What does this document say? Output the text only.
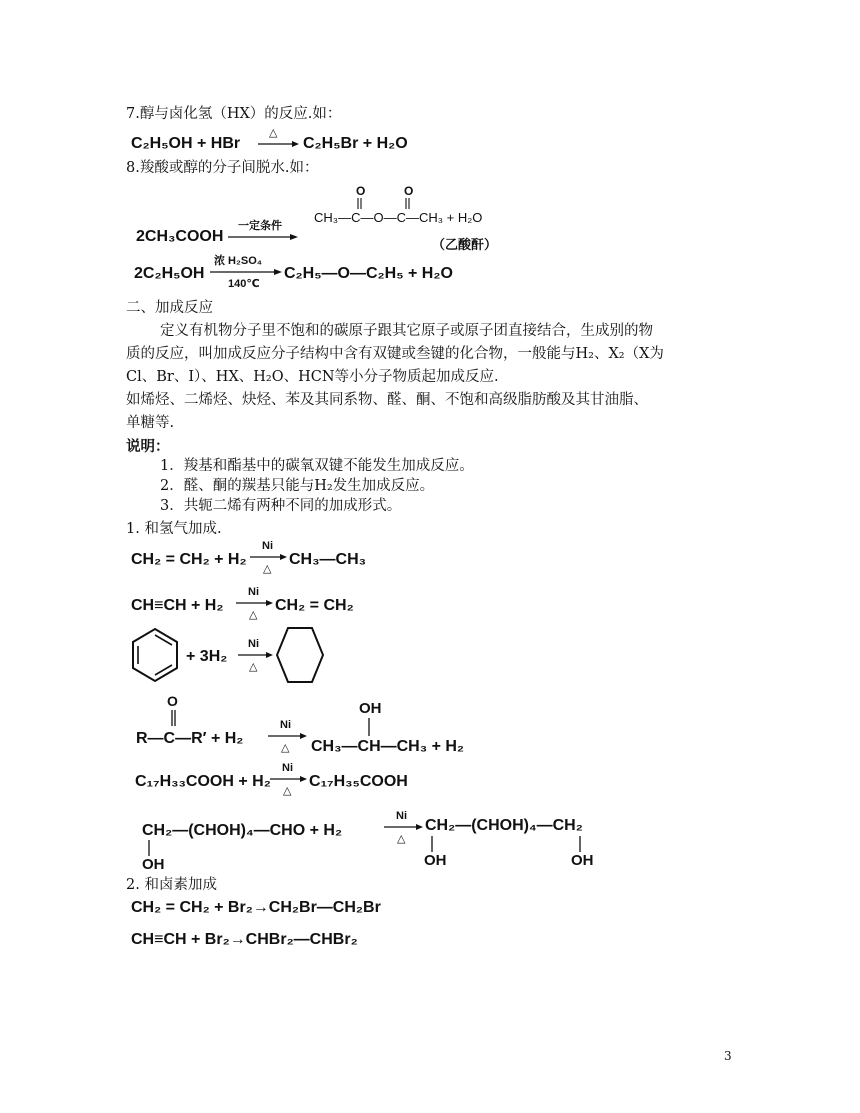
7.醇与卤化氢（HX）的反应.如：
C₂H₅OH + HBr
△
C₂H₅Br + H₂O
8.羧酸或醇的分子间脱水.如：
2CH₃COOH
一定条件
O	O
CH₃—C—O—C—CH₃ + H₂O
（乙酸酐）
2C₂H₅OH
浓 H₂SO₄
140℃
C₂H₅—O—C₂H₅ + H₂O
二、加成反应
定义有机物分子里不饱和的碳原子跟其它原子或原子团直接结合，生成别的物
质的反应，叫加成反应分子结构中含有双键或叁键的化合物，一般能与H₂、X₂（X为
Cl、Br、I）、HX、H₂O、HCN等小分子物质起加成反应.
如烯烃、二烯烃、炔烃、苯及其同系物、醛、酮、不饱和高级脂肪酸及其甘油脂、
单糖等.
说明：
1．羧基和酯基中的碳氧双键不能发生加成反应。
2．醛、酮的羰基只能与H₂发生加成反应。
3．共轭二烯有两种不同的加成形式。
1. 和氢气加成.
CH₂ = CH₂ + H₂
Ni
△
CH₃—CH₃
CH≡CH + H₂
Ni
△
CH₂ = CH₂
+ 3H₂
Ni
△
O
R—C—R′ + H₂
Ni
△
OH
CH₃—CH—CH₃ + H₂
C₁₇H₃₃COOH + H₂
Ni
△
C₁₇H₃₅COOH
CH₂—(CHOH)₄—CHO + H₂
OH
Ni
△
CH₂—(CHOH)₄—CH₂
OH	OH
2. 和卤素加成
CH₂ = CH₂ + Br₂→CH₂Br—CH₂Br
CH≡CH + Br₂→CHBr₂—CHBr₂
3
